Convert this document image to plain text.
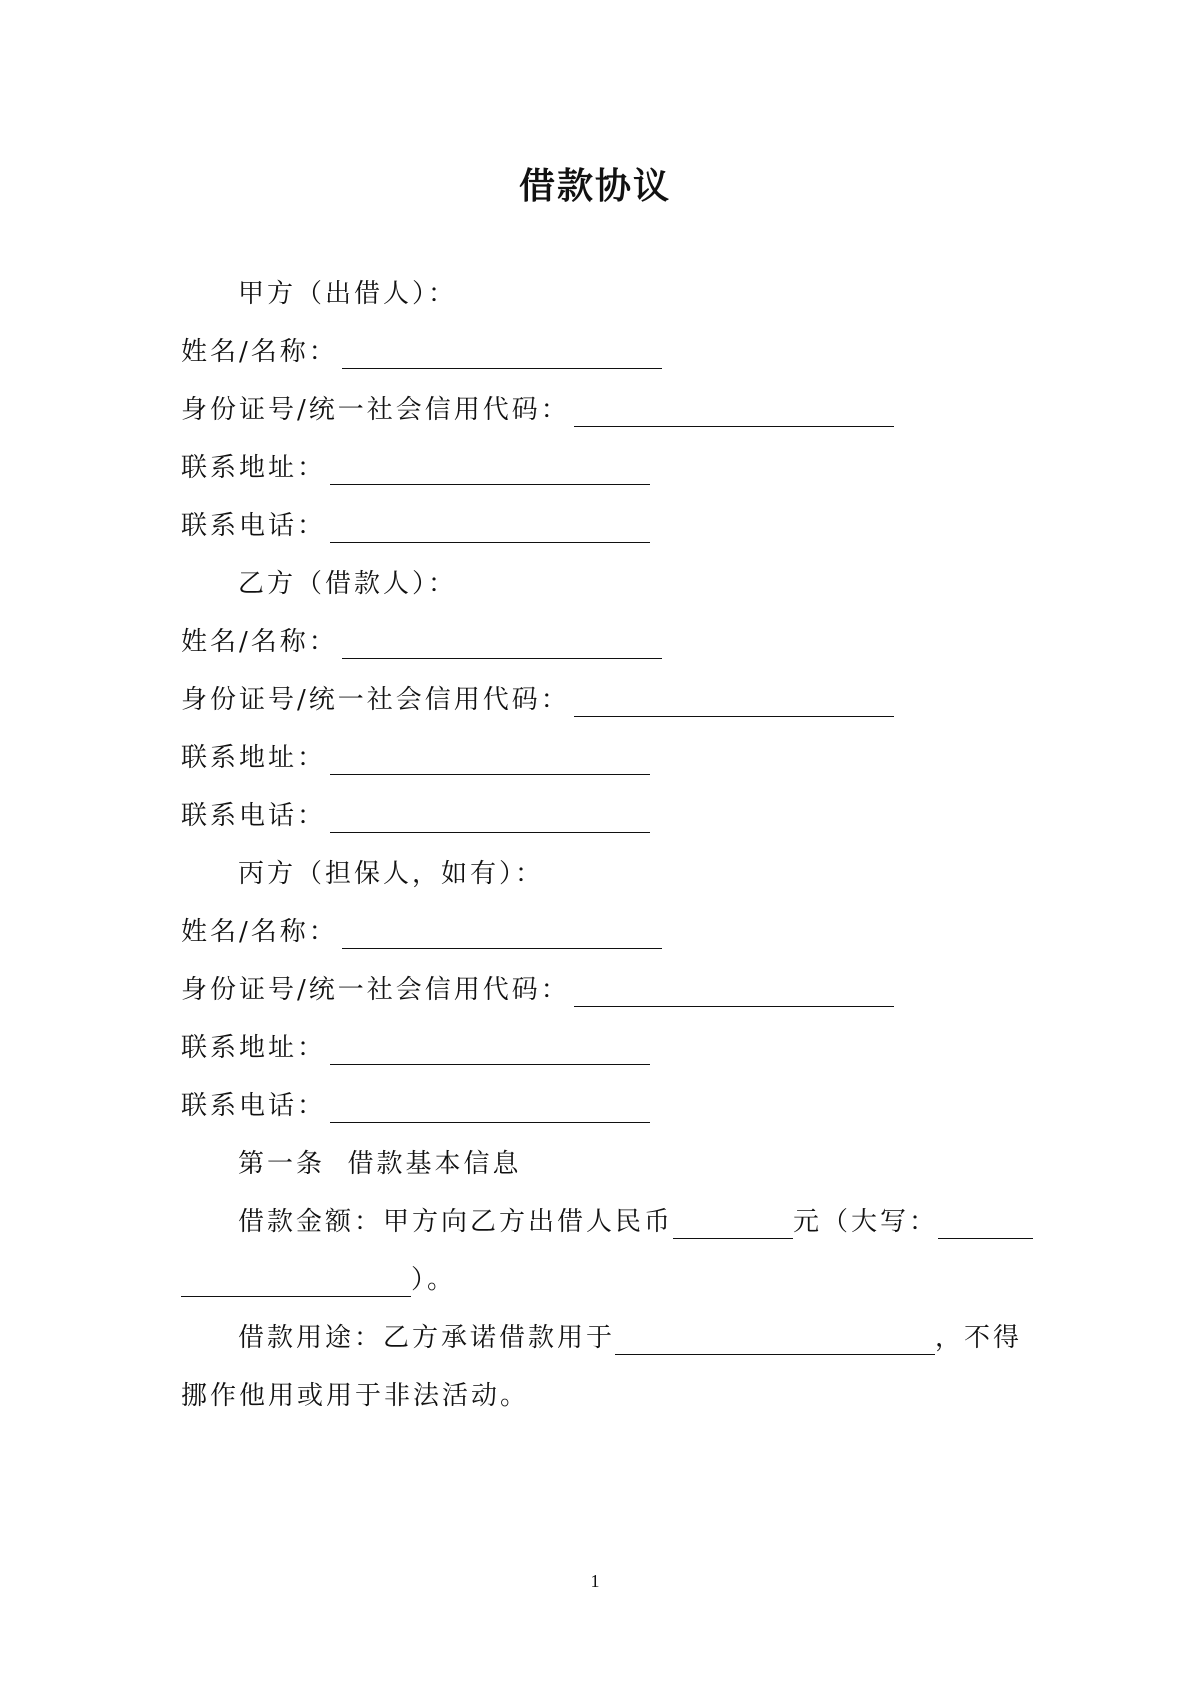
借款协议
甲方（出借人）：
姓名/名称：
身份证号/统一社会信用代码：
联系地址：
联系电话：
乙方（借款人）：
姓名/名称：
身份证号/统一社会信用代码：
联系地址：
联系电话：
丙方（担保人，如有）：
姓名/名称：
身份证号/统一社会信用代码：
联系地址：
联系电话：
第一条  借款基本信息
借款金额：甲方向乙方出借人民币	元（大写：
）。
借款用途：乙方承诺借款用于	，不得
挪作他用或用于非法活动。
1
